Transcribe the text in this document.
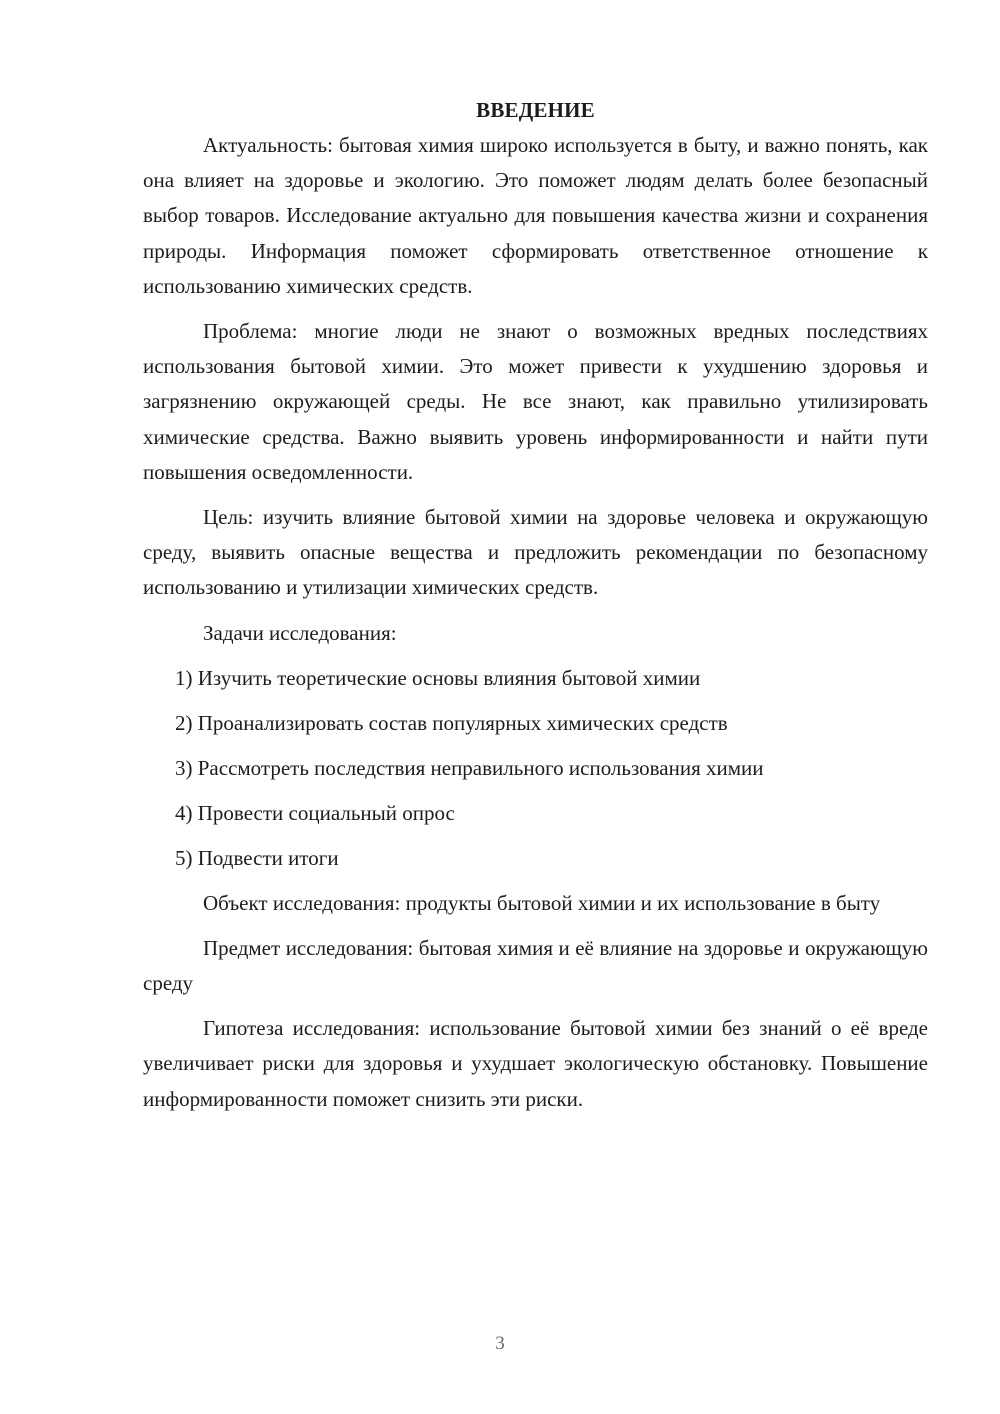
ВВЕДЕНИЕ

Актуальность: бытовая химия широко используется в быту, и важно понять, как она влияет на здоровье и экологию. Это поможет людям делать более безопасный выбор товаров. Исследование актуально для повышения качества жизни и сохранения природы. Информация поможет сформировать ответственное отношение к использованию химических средств.

Проблема: многие люди не знают о возможных вредных последствиях использования бытовой химии. Это может привести к ухудшению здоровья и загрязнению окружающей среды. Не все знают, как правильно утилизировать химические средства. Важно выявить уровень информированности и найти пути повышения осведомленности.

Цель: изучить влияние бытовой химии на здоровье человека и окружающую среду, выявить опасные вещества и предложить рекомендации по безопасному использованию и утилизации химических средств.

Задачи исследования:

1) Изучить теоретические основы влияния бытовой химии

2) Проанализировать состав популярных химических средств

3) Рассмотреть последствия неправильного использования химии

4) Провести социальный опрос

5) Подвести итоги

Объект исследования: продукты бытовой химии и их использование в быту

Предмет исследования: бытовая химия и её влияние на здоровье и окружающую среду

Гипотеза исследования: использование бытовой химии без знаний о её вреде увеличивает риски для здоровья и ухудшает экологическую обстановку. Повышение информированности поможет снизить эти риски.

3
